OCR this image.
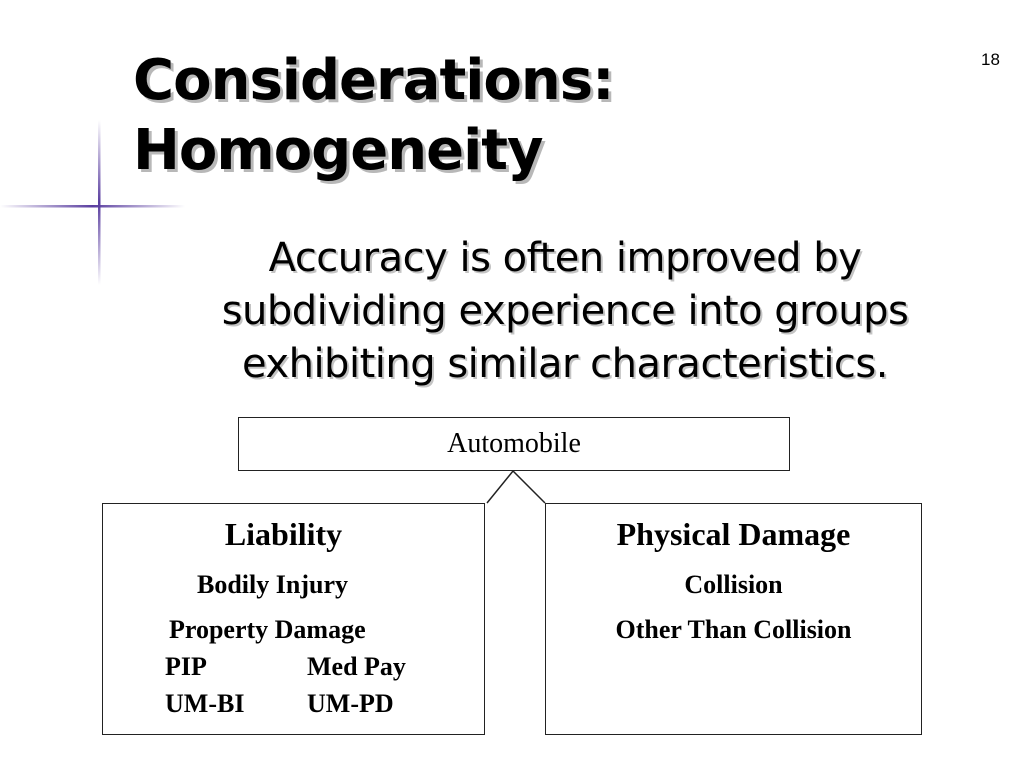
18
Considerations:
Homogeneity

Accuracy is often improved by subdividing experience into groups exhibiting similar characteristics.

Automobile
Liability
Bodily Injury
Property Damage
PIP	Med Pay
UM-BI UM-PD
Physical Damage
Collision
Other Than Collision
